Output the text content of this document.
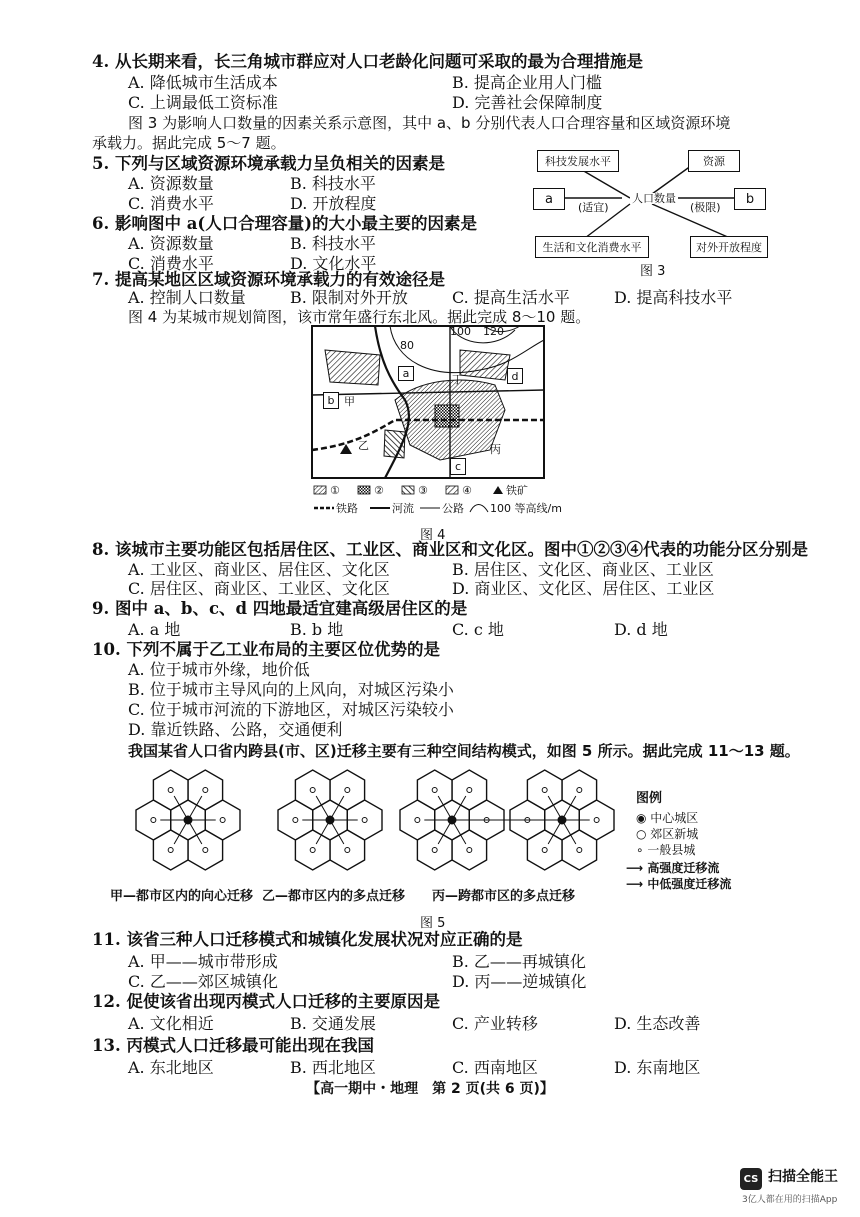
4. 从长期来看，长三角城市群应对人口老龄化问题可采取的最为合理措施是
A. 降低城市生活成本	B. 提高企业用人门槛
C. 上调最低工资标准	D. 完善社会保障制度
图 3 为影响人口数量的因素关系示意图，其中 a、b 分别代表人口合理容量和区域资源环境
承载力。据此完成 5～7 题。
5. 下列与区域资源环境承载力呈负相关的因素是
A. 资源数量	B. 科技水平
C. 消费水平	D. 开放程度
6. 影响图中 a(人口合理容量)的大小最主要的因素是
A. 资源数量	B. 科技水平
C. 消费水平	D. 文化水平
科技发展水平	资源
a	b
人口数量
(适宜)	(极限)
生活和文化消费水平	对外开放程度
图 3
7. 提高某地区区域资源环境承载力的有效途径是
A. 控制人口数量	B. 限制对外开放	C. 提高生活水平	D. 提高科技水平
图 4 为某城市规划简图，该市常年盛行东北风。据此完成 8～10 题。
80
100 120
a
b
c
d
甲
乙	丙
丁
①	②	③	④	铁矿
铁路	河流	公路 100 等高线/m
图 4
8. 该城市主要功能区包括居住区、工业区、商业区和文化区。图中①②③④代表的功能分区分别是
A. 工业区、商业区、居住区、文化区	B. 居住区、文化区、商业区、工业区
C. 居住区、商业区、工业区、文化区	D. 商业区、文化区、居住区、工业区
9. 图中 a、b、c、d 四地最适宜建高级居住区的是
A. a 地	B. b 地	C. c 地	D. d 地
10. 下列不属于乙工业布局的主要区位优势的是
A. 位于城市外缘，地价低
B. 位于城市主导风向的上风向，对城区污染小
C. 位于城市河流的下游地区，对城区污染较小
D. 靠近铁路、公路，交通便利
我国某省人口省内跨县(市、区)迁移主要有三种空间结构模式，如图 5 所示。据此完成 11～13 题。
图例
◉ 中心城区
○ 郊区新城
∘ 一般县城
⟶ 高强度迁移流
⟶ 中低强度迁移流
甲—都市区内的向心迁移 乙—都市区内的多点迁移 丙—跨都市区的多点迁移
图 5
11. 该省三种人口迁移模式和城镇化发展状况对应正确的是
A. 甲——城市带形成	B. 乙——再城镇化
C. 乙——郊区城镇化	D. 丙——逆城镇化
12. 促使该省出现丙模式人口迁移的主要原因是
A. 文化相近	B. 交通发展	C. 产业转移	D. 生态改善
13. 丙模式人口迁移最可能出现在我国
A. 东北地区	B. 西北地区	C. 西南地区	D. 东南地区
【高一期中・地理　第 2 页(共 6 页)】
CS 扫描全能王
3亿人都在用的扫描App
